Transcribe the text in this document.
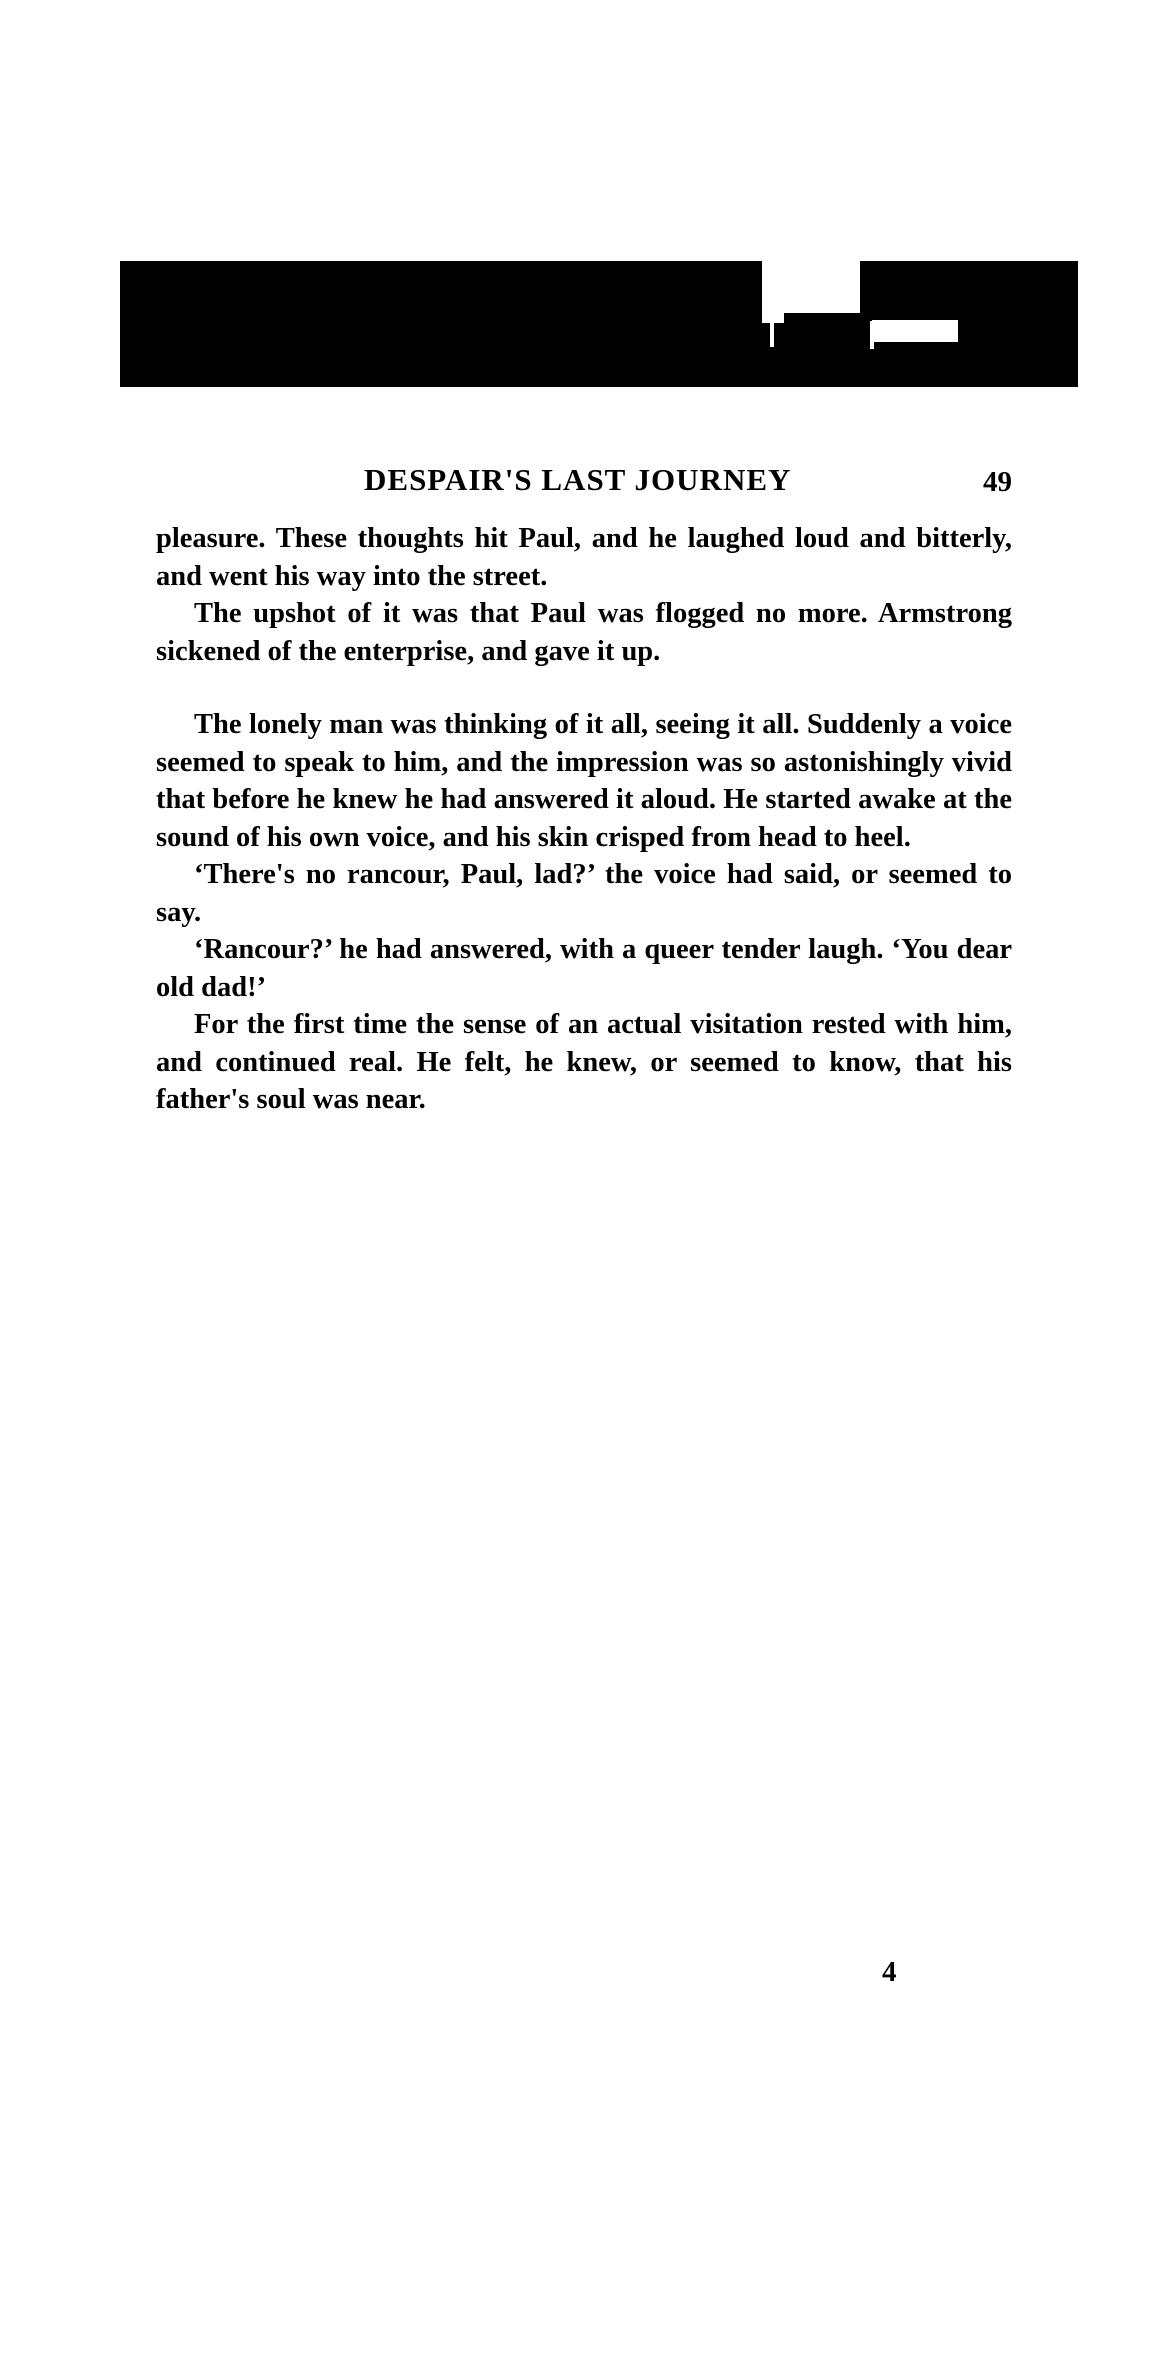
DESPAIR'S LAST JOURNEY	49

pleasure. These thoughts hit Paul, and he laughed loud and bitterly, and went his way into the street.

The upshot of it was that Paul was flogged no more. Armstrong sickened of the enterprise, and gave it up.

The lonely man was thinking of it all, seeing it all. Suddenly a voice seemed to speak to him, and the impression was so astonishingly vivid that before he knew he had answered it aloud. He started awake at the sound of his own voice, and his skin crisped from head to heel.

‘There's no rancour, Paul, lad?’ the voice had said, or seemed to say.

‘Rancour?’ he had answered, with a queer tender laugh. ‘You dear old dad!’

For the first time the sense of an actual visitation rested with him, and continued real. He felt, he knew, or seemed to know, that his father's soul was near.

4
